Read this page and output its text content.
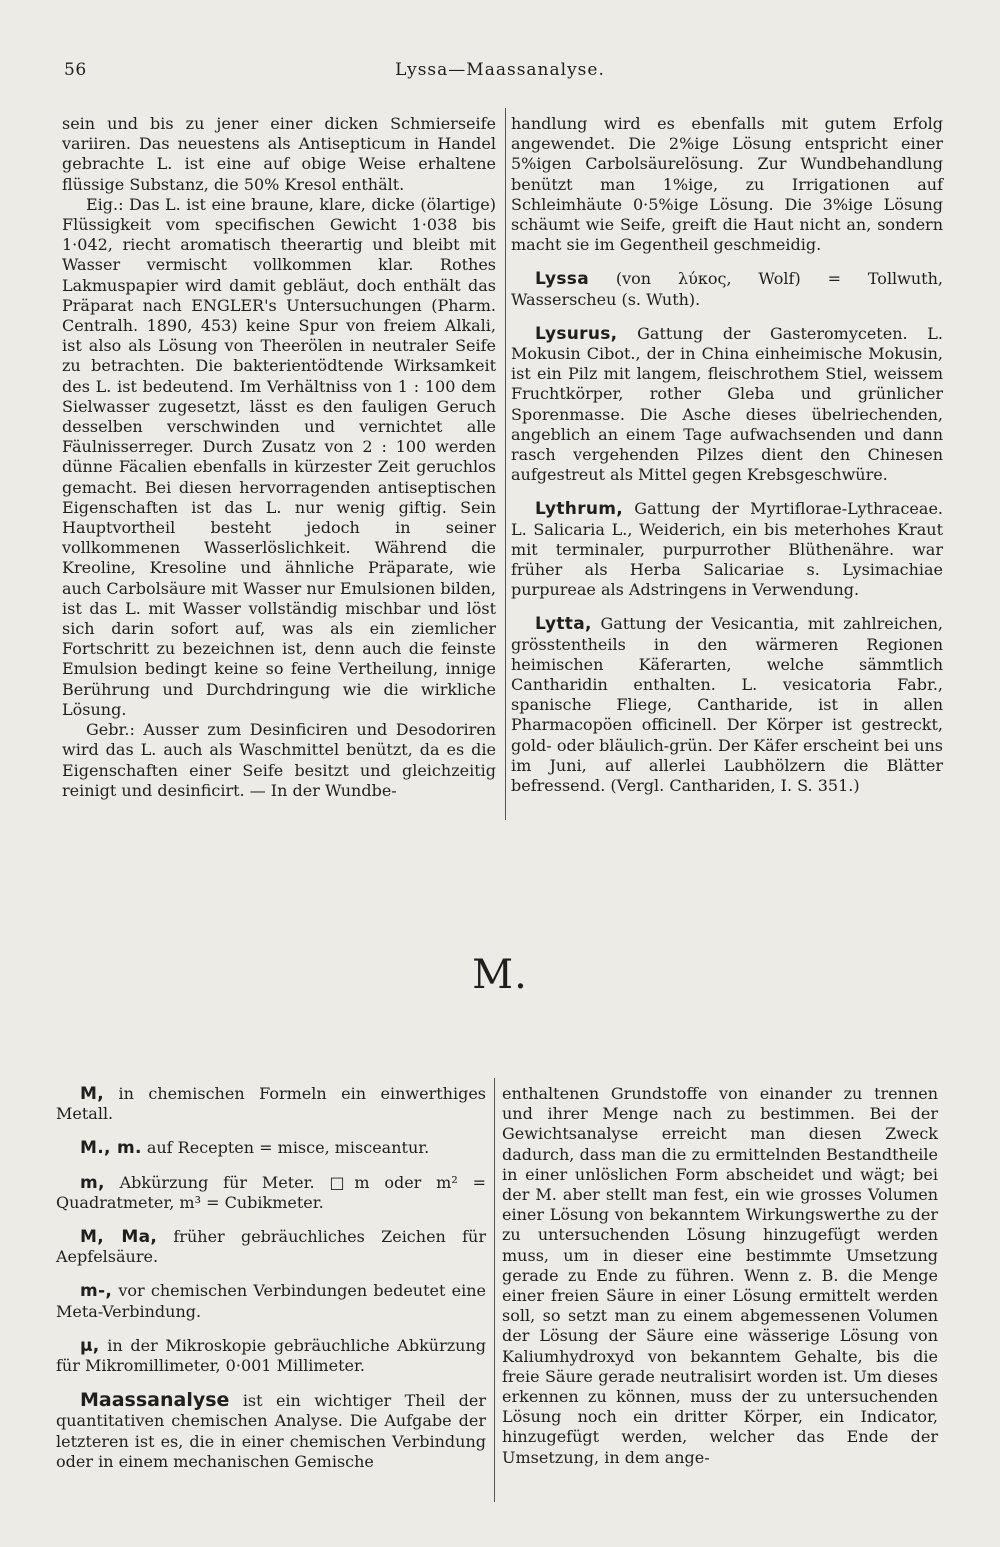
56	Lyssa—Maassanalyse.

sein und bis zu jener einer dicken Schmierseife variiren. Das neuestens als Antisepticum in Handel gebrachte L. ist eine auf obige Weise erhaltene flüssige Substanz, die 50% Kresol enthält.

Eig.: Das L. ist eine braune, klare, dicke (ölartige) Flüssigkeit vom specifischen Gewicht 1·038 bis 1·042, riecht aromatisch theerartig und bleibt mit Wasser vermischt vollkommen klar. Rothes Lakmuspapier wird damit gebläut, doch enthält das Präparat nach ENGLER's Untersuchungen (Pharm. Centralh. 1890, 453) keine Spur von freiem Alkali, ist also als Lösung von Theerölen in neutraler Seife zu betrachten. Die bakterientödtende Wirksamkeit des L. ist bedeutend. Im Verhältniss von 1 : 100 dem Sielwasser zugesetzt, lässt es den fauligen Geruch desselben verschwinden und vernichtet alle Fäulnisserreger. Durch Zusatz von 2 : 100 werden dünne Fäcalien ebenfalls in kürzester Zeit geruchlos gemacht. Bei diesen hervorragenden antiseptischen Eigenschaften ist das L. nur wenig giftig. Sein Hauptvortheil besteht jedoch in seiner vollkommenen Wasserlöslichkeit. Während die Kreoline, Kresoline und ähnliche Präparate, wie auch Carbolsäure mit Wasser nur Emulsionen bilden, ist das L. mit Wasser vollständig mischbar und löst sich darin sofort auf, was als ein ziemlicher Fortschritt zu bezeichnen ist, denn auch die feinste Emulsion bedingt keine so feine Vertheilung, innige Berührung und Durchdringung wie die wirkliche Lösung.

Gebr.: Ausser zum Desinficiren und Desodoriren wird das L. auch als Waschmittel benützt, da es die Eigenschaften einer Seife besitzt und gleichzeitig reinigt und desinficirt. — In der Wundbe-

handlung wird es ebenfalls mit gutem Erfolg angewendet. Die 2%ige Lösung entspricht einer 5%igen Carbolsäurelösung. Zur Wundbehandlung benützt man 1%ige, zu Irrigationen auf Schleimhäute 0·5%ige Lösung. Die 3%ige Lösung schäumt wie Seife, greift die Haut nicht an, sondern macht sie im Gegentheil geschmeidig.

Lyssa (von λύκος, Wolf) = Tollwuth, Wasserscheu (s. Wuth).

Lysurus, Gattung der Gasteromyceten. L. Mokusin Cibot., der in China einheimische Mokusin, ist ein Pilz mit langem, fleischrothem Stiel, weissem Fruchtkörper, rother Gleba und grünlicher Sporenmasse. Die Asche dieses übelriechenden, angeblich an einem Tage aufwachsenden und dann rasch vergehenden Pilzes dient den Chinesen aufgestreut als Mittel gegen Krebsgeschwüre.

Lythrum, Gattung der Myrtiflorae-Lythraceae. L. Salicaria L., Weiderich, ein bis meterhohes Kraut mit terminaler, purpurrother Blüthenähre. war früher als Herba Salicariae s. Lysimachiae purpureae als Adstringens in Verwendung.

Lytta, Gattung der Vesicantia, mit zahlreichen, grösstentheils in den wärmeren Regionen heimischen Käferarten, welche sämmtlich Cantharidin enthalten. L. vesicatoria Fabr., spanische Fliege, Cantharide, ist in allen Pharmacopöen officinell. Der Körper ist gestreckt, gold- oder bläulich-grün. Der Käfer erscheint bei uns im Juni, auf allerlei Laubhölzern die Blätter befressend. (Vergl. Canthariden, I. S. 351.)

M.

M, in chemischen Formeln ein einwerthiges Metall.

M., m. auf Recepten = misce, misceantur.

m, Abkürzung für Meter. □m oder m² = Quadratmeter, m³ = Cubikmeter.

M, Ma, früher gebräuchliches Zeichen für Aepfelsäure.

m-, vor chemischen Verbindungen bedeutet eine Meta-Verbindung.

μ, in der Mikroskopie gebräuchliche Abkürzung für Mikromillimeter, 0·001 Millimeter.

Maassanalyse ist ein wichtiger Theil der quantitativen chemischen Analyse. Die Aufgabe der letzteren ist es, die in einer chemischen Verbindung oder in einem mechanischen Gemische

enthaltenen Grundstoffe von einander zu trennen und ihrer Menge nach zu bestimmen. Bei der Gewichtsanalyse erreicht man diesen Zweck dadurch, dass man die zu ermittelnden Bestandtheile in einer unlöslichen Form abscheidet und wägt; bei der M. aber stellt man fest, ein wie grosses Volumen einer Lösung von bekanntem Wirkungswerthe zu der zu untersuchenden Lösung hinzugefügt werden muss, um in dieser eine bestimmte Umsetzung gerade zu Ende zu führen. Wenn z. B. die Menge einer freien Säure in einer Lösung ermittelt werden soll, so setzt man zu einem abgemessenen Volumen der Lösung der Säure eine wässerige Lösung von Kaliumhydroxyd von bekanntem Gehalte, bis die freie Säure gerade neutralisirt worden ist. Um dieses erkennen zu können, muss der zu untersuchenden Lösung noch ein dritter Körper, ein Indicator, hinzugefügt werden, welcher das Ende der Umsetzung, in dem ange-
